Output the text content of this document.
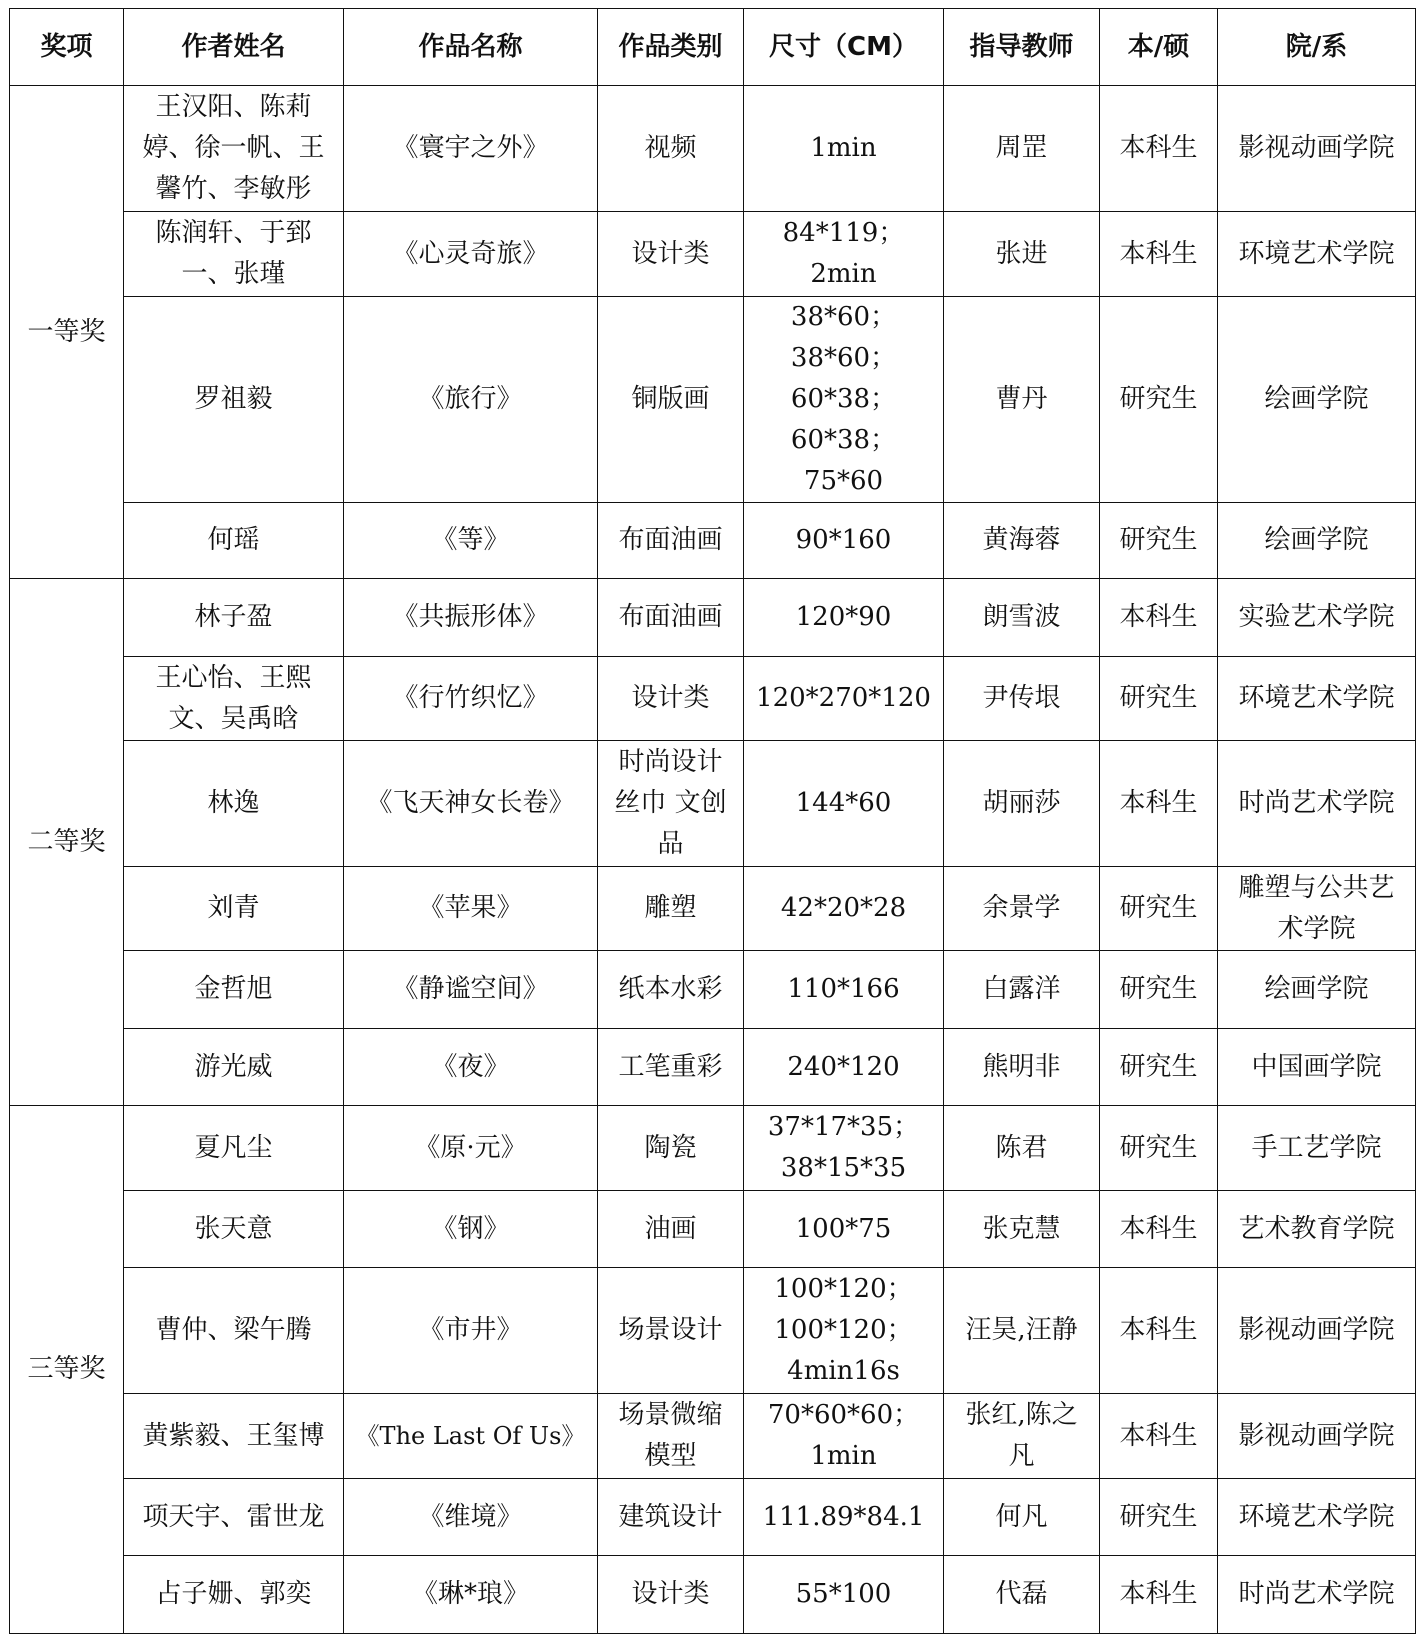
奖项	作者姓名	作品名称	作品类别	尺寸（CM）	指导教师	本/硕	院/系
一等奖	王汉阳、陈莉婷、徐一帆、王馨竹、李敏彤	《寰宇之外》	视频	1min	周罡	本科生	影视动画学院
	陈润轩、于郅一、张瑾	《心灵奇旅》	设计类	84*119；2min	张进	本科生	环境艺术学院
	罗祖毅	《旅行》	铜版画	38*60；38*60；60*38；60*38；75*60	曹丹	研究生	绘画学院
	何瑶	《等》	布面油画	90*160	黄海蓉	研究生	绘画学院
二等奖	林子盈	《共振形体》	布面油画	120*90	朗雪波	本科生	实验艺术学院
	王心怡、王熙文、吴禹晗	《行竹织忆》	设计类	120*270*120	尹传垠	研究生	环境艺术学院
	林逸	《飞天神女长卷》	时尚设计丝巾 文创品	144*60	胡丽莎	本科生	时尚艺术学院
	刘青	《苹果》	雕塑	42*20*28	余景学	研究生	雕塑与公共艺术学院
	金哲旭	《静谧空间》	纸本水彩	110*166	白露洋	研究生	绘画学院
	游光威	《夜》	工笔重彩	240*120	熊明非	研究生	中国画学院
三等奖	夏凡尘	《原·元》	陶瓷	37*17*35；38*15*35	陈君	研究生	手工艺学院
	张天意	《钢》	油画	100*75	张克慧	本科生	艺术教育学院
	曹仲、梁午腾	《市井》	场景设计	100*120；100*120；4min16s	汪昊,汪静	本科生	影视动画学院
	黄紫毅、王玺博	《The Last Of Us》	场景微缩模型	70*60*60；1min	张红,陈之凡	本科生	影视动画学院
	项天宇、雷世龙	《维境》	建筑设计	111.89*84.1	何凡	研究生	环境艺术学院
	占子姗、郭奕	《琳*琅》	设计类	55*100	代磊	本科生	时尚艺术学院
